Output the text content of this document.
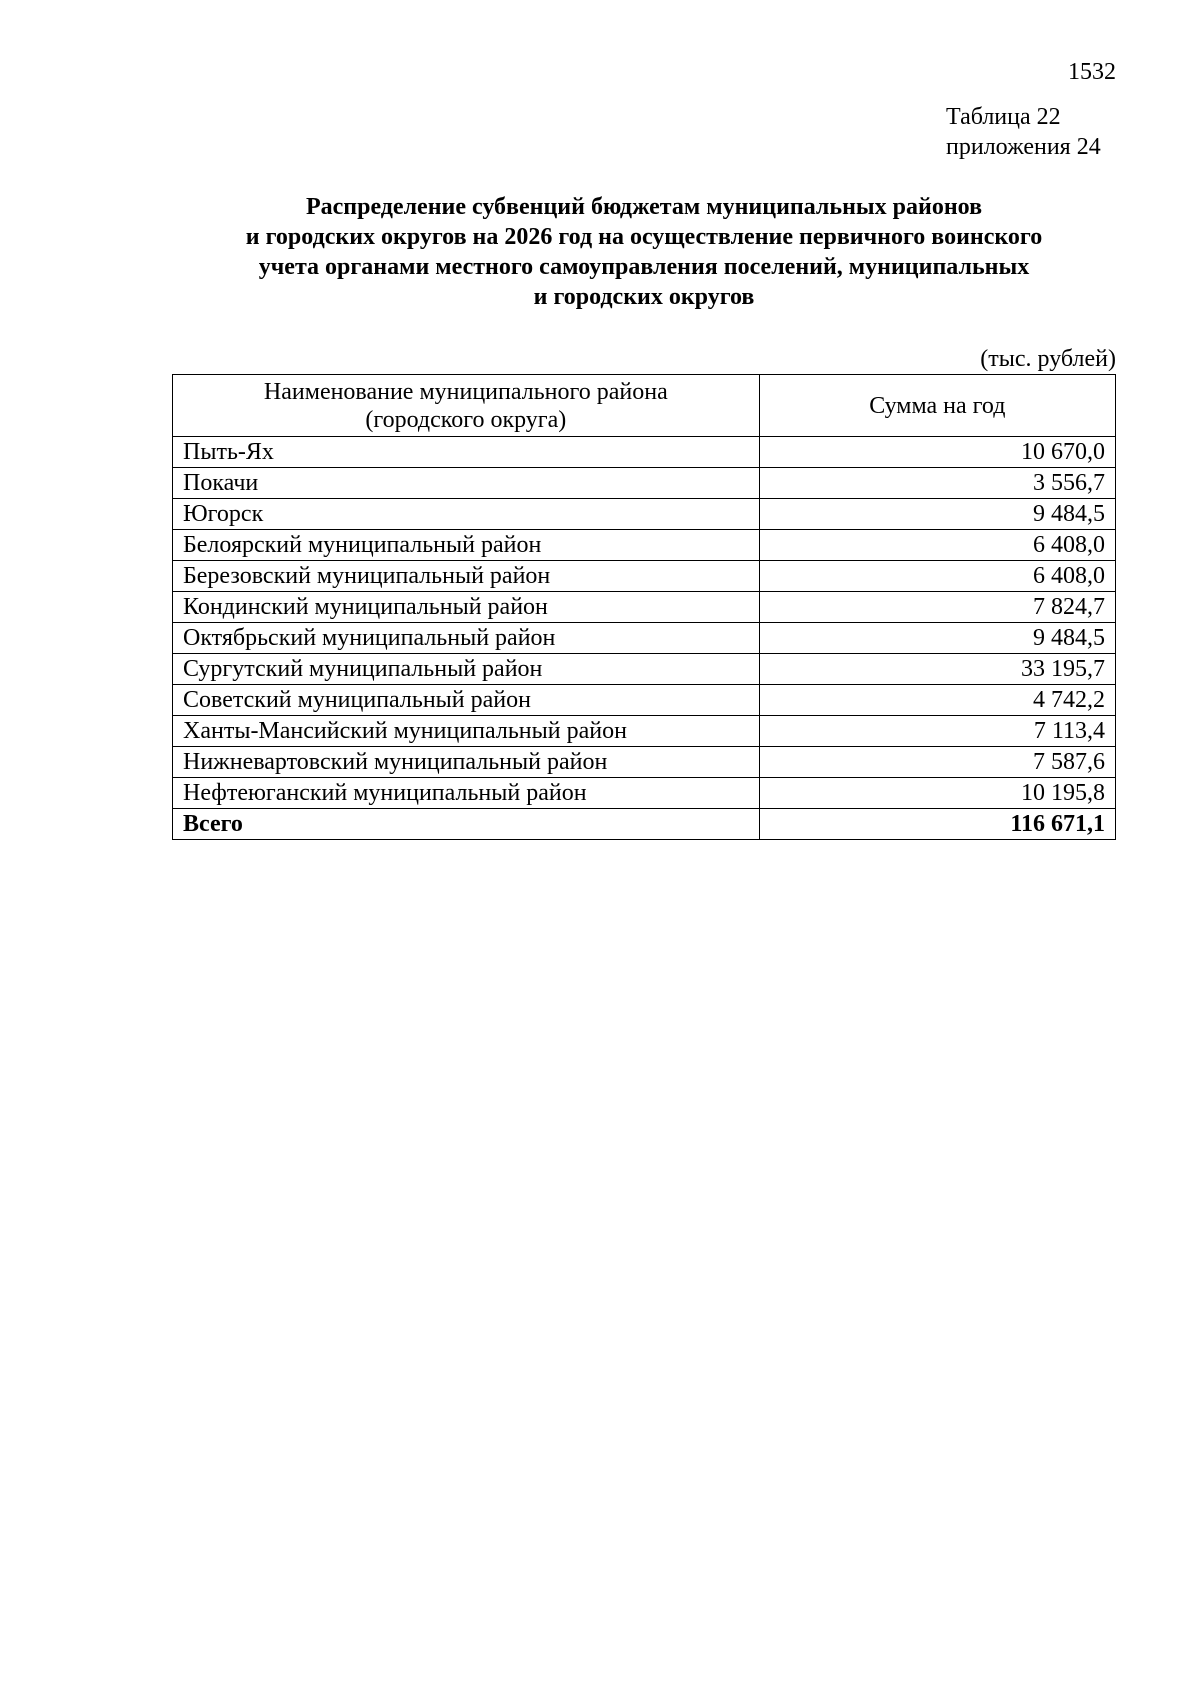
1532
Таблица 22
приложения 24
Распределение субвенций бюджетам муниципальных районов
и городских округов на 2026 год на осуществление первичного воинского
учета органами местного самоуправления поселений, муниципальных
и городских округов
(тыс. рублей)
Наименование муниципального района
(городского округа)	Сумма на год
Пыть-Ях	10 670,0
Покачи	3 556,7
Югорск	9 484,5
Белоярский муниципальный район	6 408,0
Березовский муниципальный район	6 408,0
Кондинский муниципальный район	7 824,7
Октябрьский муниципальный район	9 484,5
Сургутский муниципальный район	33 195,7
Советский муниципальный район	4 742,2
Ханты-Мансийский муниципальный район	7 113,4
Нижневартовский муниципальный район	7 587,6
Нефтеюганский муниципальный район	10 195,8
Всего	116 671,1
